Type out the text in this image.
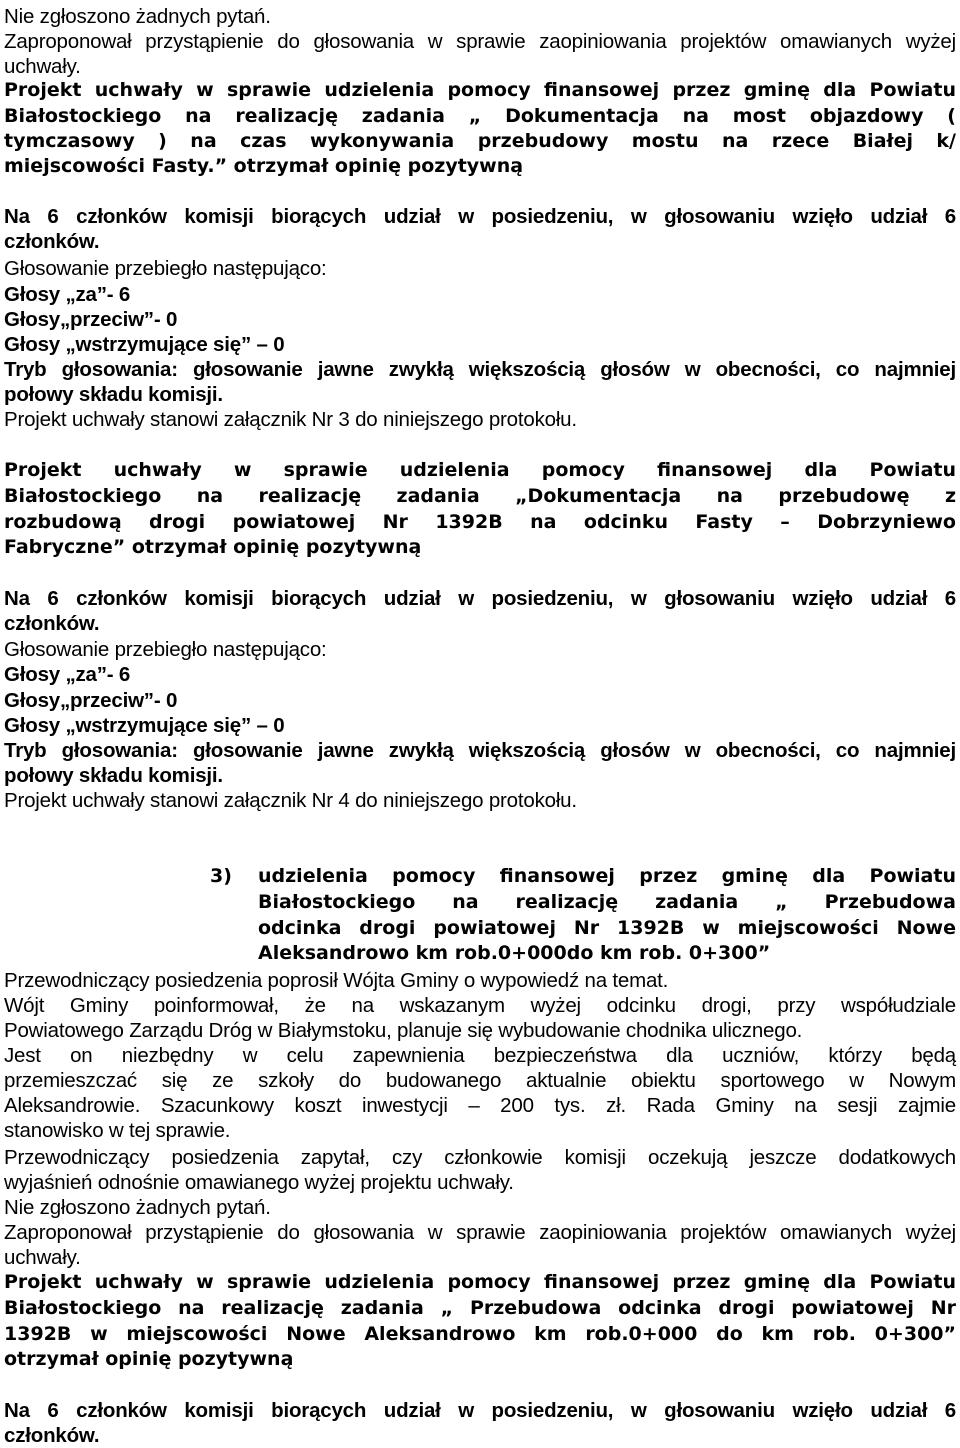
Nie zgłoszono żadnych pytań.
Zaproponował przystąpienie do głosowania w sprawie zaopiniowania projektów omawianych wyżej
uchwały.
Projekt uchwały w sprawie udzielenia pomocy finansowej przez gminę dla Powiatu
Białostockiego na realizację zadania „ Dokumentacja na most objazdowy (
tymczasowy ) na czas wykonywania przebudowy mostu na rzece Białej k/
miejscowości Fasty.” otrzymał opinię pozytywną
Na 6 członków komisji biorących udział w posiedzeniu, w głosowaniu wzięło udział 6
członków.
Głosowanie przebiegło następująco:
Głosy „za”- 6
Głosy„przeciw”- 0
Głosy „wstrzymujące się” – 0
Tryb głosowania: głosowanie jawne zwykłą większością głosów w obecności, co najmniej
połowy składu komisji.
Projekt uchwały stanowi załącznik Nr 3 do niniejszego protokołu.
Projekt uchwały w sprawie udzielenia pomocy finansowej dla Powiatu
Białostockiego na realizację zadania „Dokumentacja na przebudowę z
rozbudową drogi powiatowej Nr 1392B na odcinku Fasty – Dobrzyniewo
Fabryczne” otrzymał opinię pozytywną
Na 6 członków komisji biorących udział w posiedzeniu, w głosowaniu wzięło udział 6
członków.
Głosowanie przebiegło następująco:
Głosy „za”- 6
Głosy„przeciw”- 0
Głosy „wstrzymujące się” – 0
Tryb głosowania: głosowanie jawne zwykłą większością głosów w obecności, co najmniej
połowy składu komisji.
Projekt uchwały stanowi załącznik Nr 4 do niniejszego protokołu.
3)	udzielenia pomocy finansowej przez gminę dla Powiatu
Białostockiego na realizację zadania „ Przebudowa
odcinka drogi powiatowej Nr 1392B w miejscowości Nowe
Aleksandrowo km rob.0+000do km rob. 0+300”
Przewodniczący posiedzenia poprosił Wójta Gminy o wypowiedź na temat.
Wójt Gminy poinformował, że na wskazanym wyżej odcinku drogi, przy współudziale
Powiatowego Zarządu Dróg w Białymstoku, planuje się wybudowanie chodnika ulicznego.
Jest on niezbędny w celu zapewnienia bezpieczeństwa dla uczniów, którzy będą
przemieszczać się ze szkoły do budowanego aktualnie obiektu sportowego w Nowym
Aleksandrowie. Szacunkowy koszt inwestycji – 200 tys. zł. Rada Gminy na sesji zajmie
stanowisko w tej sprawie.
Przewodniczący posiedzenia zapytał, czy członkowie komisji oczekują jeszcze dodatkowych
wyjaśnień odnośnie omawianego wyżej projektu uchwały.
Nie zgłoszono żadnych pytań.
Zaproponował przystąpienie do głosowania w sprawie zaopiniowania projektów omawianych wyżej
uchwały.
Projekt uchwały w sprawie udzielenia pomocy finansowej przez gminę dla Powiatu
Białostockiego na realizację zadania „ Przebudowa odcinka drogi powiatowej Nr
1392B w miejscowości Nowe Aleksandrowo km rob.0+000 do km rob. 0+300”
otrzymał opinię pozytywną
Na 6 członków komisji biorących udział w posiedzeniu, w głosowaniu wzięło udział 6
członków.
